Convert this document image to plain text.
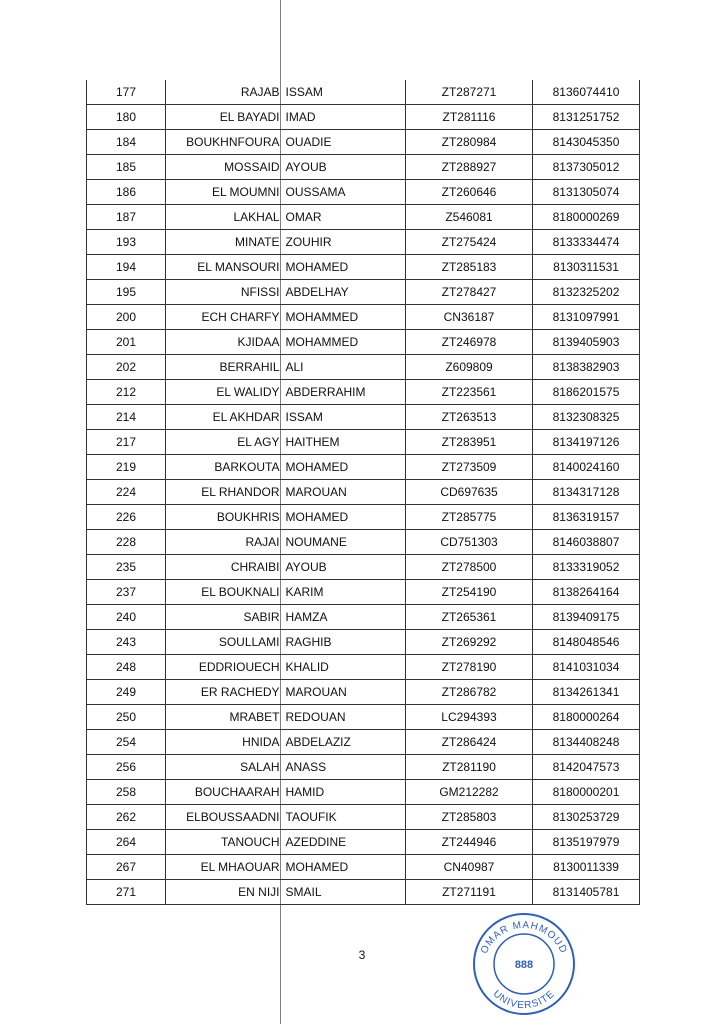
177	RAJAB	ISSAM	ZT287271	8136074410
180	EL BAYADI	IMAD	ZT281116	8131251752
184	BOUKHNFOURA	OUADIE	ZT280984	8143045350
185	MOSSAID	AYOUB	ZT288927	8137305012
186	EL MOUMNI	OUSSAMA	ZT260646	8131305074
187	LAKHAL	OMAR	Z546081	8180000269
193	MINATE	ZOUHIR	ZT275424	8133334474
194	EL MANSOURI	MOHAMED	ZT285183	8130311531
195	NFISSI	ABDELHAY	ZT278427	8132325202
200	ECH CHARFY	MOHAMMED	CN36187	8131097991
201	KJIDAA	MOHAMMED	ZT246978	8139405903
202	BERRAHIL	ALI	Z609809	8138382903
212	EL WALIDY	ABDERRAHIM	ZT223561	8186201575
214	EL AKHDAR	ISSAM	ZT263513	8132308325
217	EL AGY	HAITHEM	ZT283951	8134197126
219	BARKOUTA	MOHAMED	ZT273509	8140024160
224	EL RHANDOR	MAROUAN	CD697635	8134317128
226	BOUKHRIS	MOHAMED	ZT285775	8136319157
228	RAJAI	NOUMANE	CD751303	8146038807
235	CHRAIBI	AYOUB	ZT278500	8133319052
237	EL BOUKNALI	KARIM	ZT254190	8138264164
240	SABIR	HAMZA	ZT265361	8139409175
243	SOULLAMI	RAGHIB	ZT269292	8148048546
248	EDDRIOUECH	KHALID	ZT278190	8141031034
249	ER RACHEDY	MAROUAN	ZT286782	8134261341
250	MRABET	REDOUAN	LC294393	8180000264
254	HNIDA	ABDELAZIZ	ZT286424	8134408248
256	SALAH	ANASS	ZT281190	8142047573
258	BOUCHAARAH	HAMID	GM212282	8180000201
262	ELBOUSSAADNI	TAOUFIK	ZT285803	8130253729
264	TANOUCH	AZEDDINE	ZT244946	8135197979
267	EL MHAOUAR	MOHAMED	CN40987	8130011339
271	EN NIJI	SMAIL	ZT271191	8131405781
3	OMAR MAHMOUD
UNIVERSITE
888
